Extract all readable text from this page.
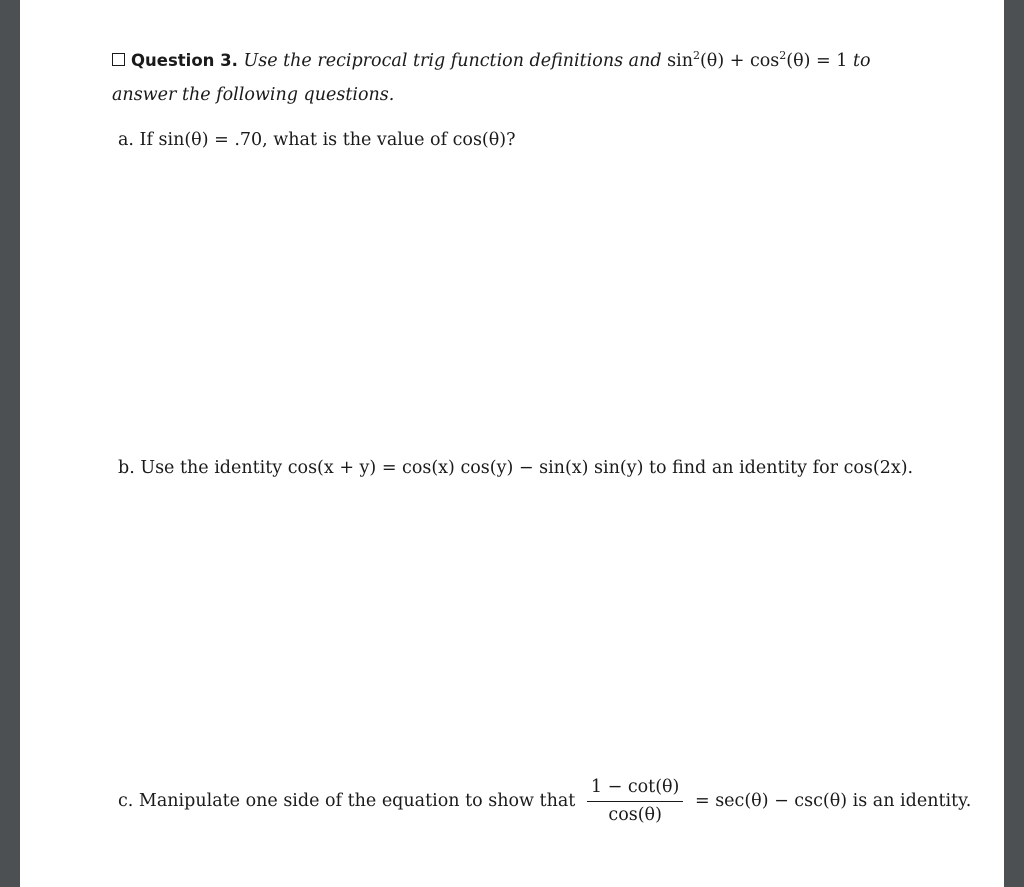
Question 3. Use the reciprocal trig function definitions and $\sin^2(\theta) + \cos^2(\theta) = 1$ to answer the following questions.
a. If sin(θ) = .70, what is the value of cos(θ)?
b. Use the identity cos(x + y) = cos(x) cos(y) − sin(x) sin(y) to find an identity for cos(2x).
c. Manipulate one side of the equation to show that $\frac{1 - \cot(\theta)}{\cos(\theta)} = \sec(\theta) - \csc(\theta)$ is an identity.
